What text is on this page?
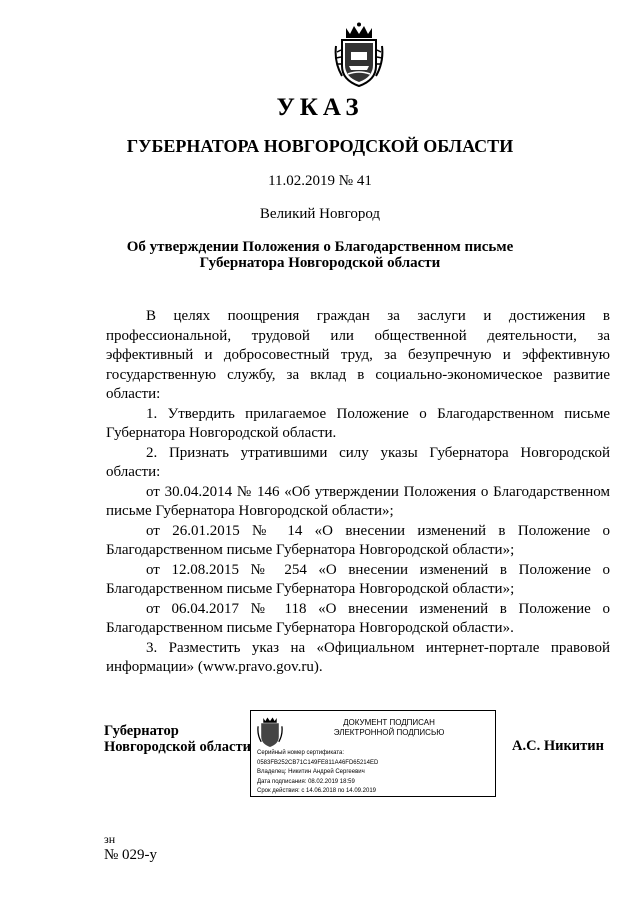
УКАЗ
ГУБЕРНАТОРА НОВГОРОДСКОЙ ОБЛАСТИ
11.02.2019 № 41
Великий Новгород
Об утверждении Положения о Благодарственном письме
Губернатора Новгородской области

В целях поощрения граждан за заслуги и достижения в профессиональной, трудовой или общественной деятельности, за эффективный и добросовестный труд, за безупречную и эффективную государственную службу, за вклад в социально-экономическое развитие области:

1. Утвердить прилагаемое Положение о Благодарственном письме Губернатора Новгородской области.

2. Признать утратившими силу указы Губернатора Новгородской области:

от 30.04.2014 № 146 «Об утверждении Положения о Благодарственном письме Губернатора Новгородской области»;

от 26.01.2015 № 14 «О внесении изменений в Положение о Благодарственном письме Губернатора Новгородской области»;

от 12.08.2015 № 254 «О внесении изменений в Положение о Благодарственном письме Губернатора Новгородской области»;

от 06.04.2017 № 118 «О внесении изменений в Положение о Благодарственном письме Губернатора Новгородской области».

3. Разместить указ на «Официальном интернет-портале правовой информации» (www.pravo.gov.ru).

Губернатор
Новгородской области
ДОКУМЕНТ ПОДПИСАН
ЭЛЕКТРОННОЙ ПОДПИСЬЮ
Серийный номер сертификата:
0583FB252CB71C149FE811A46FD65214ED
Владелец: Никитин Андрей Сергеевич
Дата подписания: 08.02.2019 18:59
Срок действия: с 14.06.2018 по 14.09.2019
А.С. Никитин
зн
№ 029-у
